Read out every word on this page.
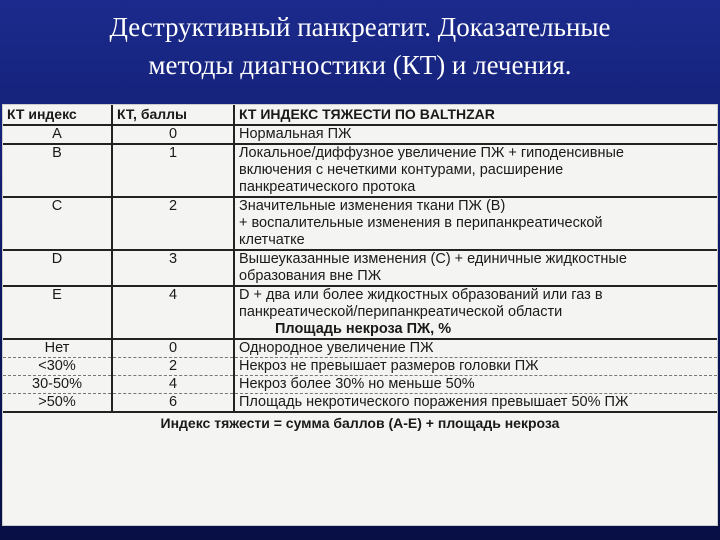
Деструктивный панкреатит. Доказательные
методы диагностики (КТ) и лечения.
КТ индекс	КТ, баллы	КТ ИНДЕКС ТЯЖЕСТИ ПО BALTHZAR
A	0	Нормальная ПЖ

B	1	Локальное/диффузное увеличение ПЖ + гиподенсивные
включения с нечеткими контурами, расширение
панкреатического протока

C	2	Значительные изменения ткани ПЖ (B)
+ воспалительные изменения в перипанкреатической
клетчатке

D	3	Вышеуказанные изменения (C) + единичные жидкостные
образования вне ПЖ

E	4	D + два или более жидкостных образований или газ в
панкреатической/перипанкреатической области

		Площадь некроза ПЖ, %
Нет	0	Однородное увеличение ПЖ
<30%	2	Некроз не превышает размеров головки ПЖ
30-50%	4	Некроз более 30% но меньше 50%
>50%	6	Площадь некротического поражения превышает 50% ПЖ
Индекс тяжести = сумма баллов (A-E) + площадь некроза		
